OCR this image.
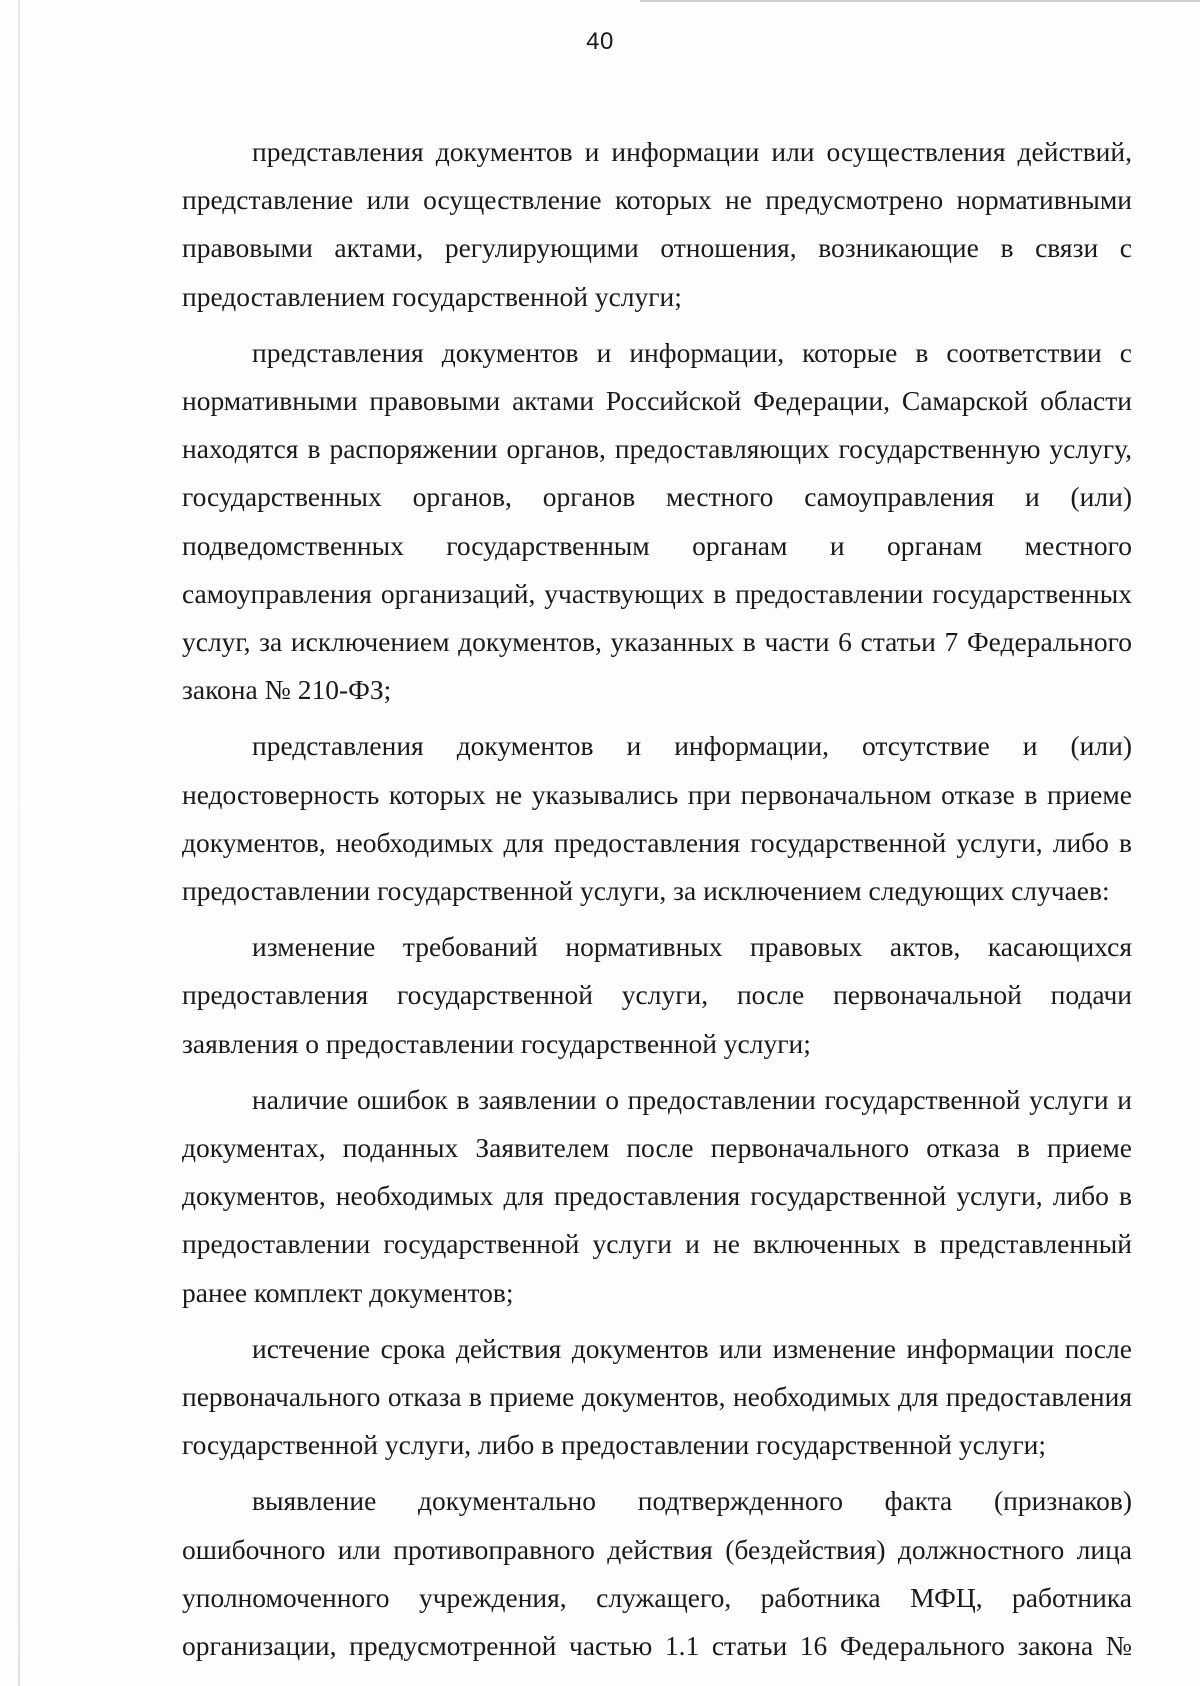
40

представления документов и информации или осуществления действий, представление или осуществление которых не предусмотрено нормативными правовыми актами, регулирующими отношения, возникающие в связи с предоставлением государственной услуги;

представления документов и информации, которые в соответствии с нормативными правовыми актами Российской Федерации, Самарской области находятся в распоряжении органов, предоставляющих государственную услугу, государственных органов, органов местного самоуправления и (или) подведомственных государственным органам и органам местного самоуправления организаций, участвующих в предоставлении государственных услуг, за исключением документов, указанных в части 6 статьи 7 Федерального закона № 210-ФЗ;

представления документов и информации, отсутствие и (или) недостоверность которых не указывались при первоначальном отказе в приеме документов, необходимых для предоставления государственной услуги, либо в предоставлении государственной услуги, за исключением следующих случаев:

изменение требований нормативных правовых актов, касающихся предоставления государственной услуги, после первоначальной подачи заявления о предоставлении государственной услуги;

наличие ошибок в заявлении о предоставлении государственной услуги и документах, поданных Заявителем после первоначального отказа в приеме документов, необходимых для предоставления государственной услуги, либо в предоставлении государственной услуги и не включенных в представленный ранее комплект документов;

истечение срока действия документов или изменение информации после первоначального отказа в приеме документов, необходимых для предоставления государственной услуги, либо в предоставлении государственной услуги;

выявление документально подтвержденного факта (признаков) ошибочного или противоправного действия (бездействия) должностного лица уполномоченного учреждения, служащего, работника МФЦ, работника организации, предусмотренной частью 1.1 статьи 16 Федерального закона №
